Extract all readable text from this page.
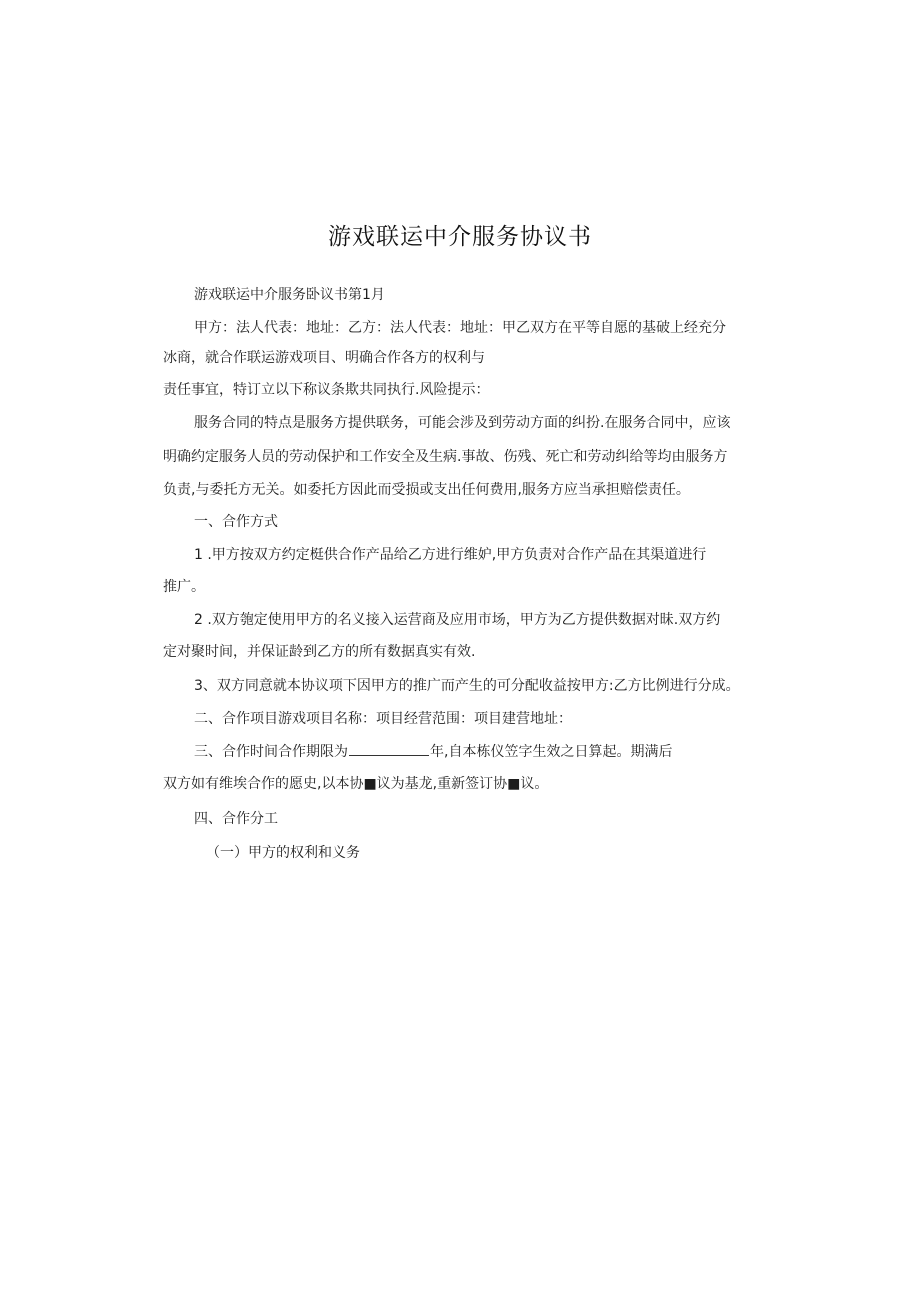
游戏联运中介服务协议书
游戏联运中介服务卧议书第1月
甲方：法人代表：地址：乙方：法人代表：地址：甲乙双方在平等自愿的基破上经充分
冰商，就合作联运游戏项目、明确合作各方的权利与
责任事宜，特订立以下称议条欺共同执行.风险提示：
服务合同的特点是服务方提供联务，可能会涉及到劳动方面的纠扮.在服务合同中，应该
明确约定服务人员的劳动保护和工作安全及生病.事故、伤残、死亡和劳动纠给等均由服务方
负责,与委托方无关。如委托方因此而受损或支出任何费用,服务方应当承担赔偿责任。
一、合作方式
1 .甲方按双方约定梃供合作产品给乙方进行维妒,甲方负责对合作产品在其渠道进行
推广。
2 .双方匏定使用甲方的名义接入运营商及应用市场，甲方为乙方提供数据对昧.双方约
定对聚时间，并保证龄到乙方的所有数据真实有效.
3、双方同意就本协议项下因甲方的推广而产生的可分配收益按甲方:乙方比例进行分成。
二、合作项目游戏项目名称：项目经营范围：项目建营地址：
三、合作时间合作期限为	年,自本栋仪笠字生效之日算起。期满后
双方如有维埃合作的愿史,以本协■议为基龙,重新签订协■议。
四、合作分工
（一）甲方的权利和义务
